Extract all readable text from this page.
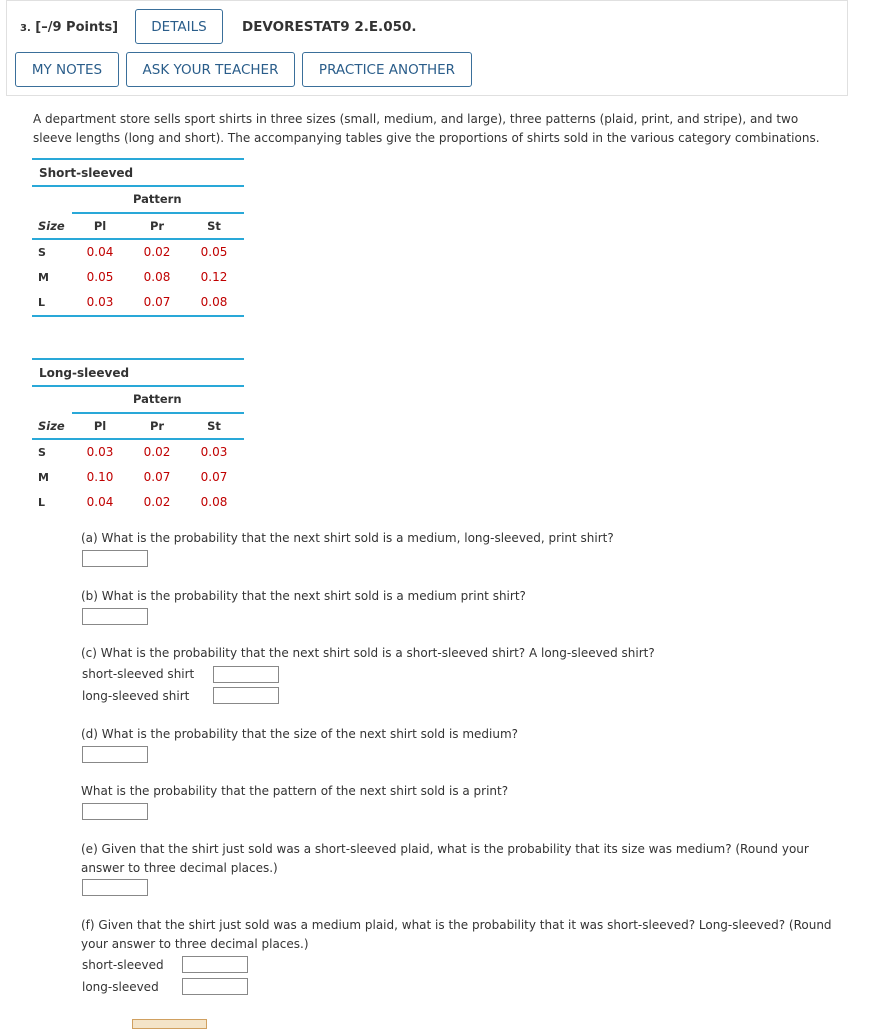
3. [–/9 Points]	DETAILS	DEVORESTAT9 2.E.050.
MY NOTES	ASK YOUR TEACHER	PRACTICE ANOTHER
A department store sells sport shirts in three sizes (small, medium, and large), three patterns (plaid, print, and stripe), and two sleeve lengths (long and short). The accompanying tables give the proportions of shirts sold in the various category combinations.
Short-sleeved
Pattern
Size	Pl	Pr	St
S	0.04	0.02	0.05
M	0.05	0.08	0.12
L	0.03	0.07	0.08
Long-sleeved
Pattern
Size	Pl	Pr	St
S	0.03	0.02	0.03
M	0.10	0.07	0.07
L	0.04	0.02	0.08
(a) What is the probability that the next shirt sold is a medium, long-sleeved, print shirt?
(b) What is the probability that the next shirt sold is a medium print shirt?
(c) What is the probability that the next shirt sold is a short-sleeved shirt? A long-sleeved shirt?
short-sleeved shirt
long-sleeved shirt
(d) What is the probability that the size of the next shirt sold is medium?
What is the probability that the pattern of the next shirt sold is a print?
(e) Given that the shirt just sold was a short-sleeved plaid, what is the probability that its size was medium? (Round your answer to three decimal places.)
(f) Given that the shirt just sold was a medium plaid, what is the probability that it was short-sleeved? Long-sleeved? (Round your answer to three decimal places.)
short-sleeved
long-sleeved
